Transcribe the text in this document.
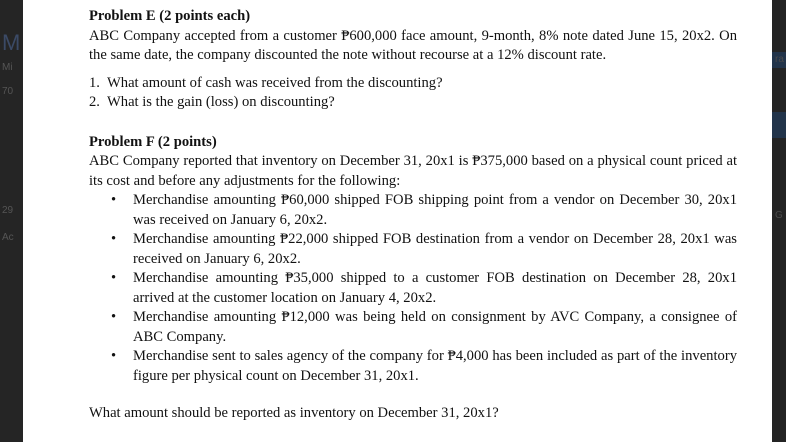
M
Mi
70
29
Ac

Problem E (2 points each)

ABC Company accepted from a customer ₱600,000 face amount, 9-month, 8% note dated June 15, 20x2. On the same date, the company discounted the note without recourse at a 12% discount rate.

1. What amount of cash was received from the discounting?
2. What is the gain (loss) on discounting?

Problem F (2 points)

ABC Company reported that inventory on December 31, 20x1 is ₱375,000 based on a physical count priced at its cost and before any adjustments for the following:

• Merchandise amounting ₱60,000 shipped FOB shipping point from a vendor on December 30, 20x1 was received on January 6, 20x2.
• Merchandise amounting ₱22,000 shipped FOB destination from a vendor on December 28, 20x1 was received on January 6, 20x2.
• Merchandise amounting ₱35,000 shipped to a customer FOB destination on December 28, 20x1 arrived at the customer location on January 4, 20x2.
• Merchandise amounting ₱12,000 was being held on consignment by AVC Company, a consignee of ABC Company.
• Merchandise sent to sales agency of the company for ₱4,000 has been included as part of the inventory figure per physical count on December 31, 20x1.

What amount should be reported as inventory on December 31, 20x1?

ra
G
